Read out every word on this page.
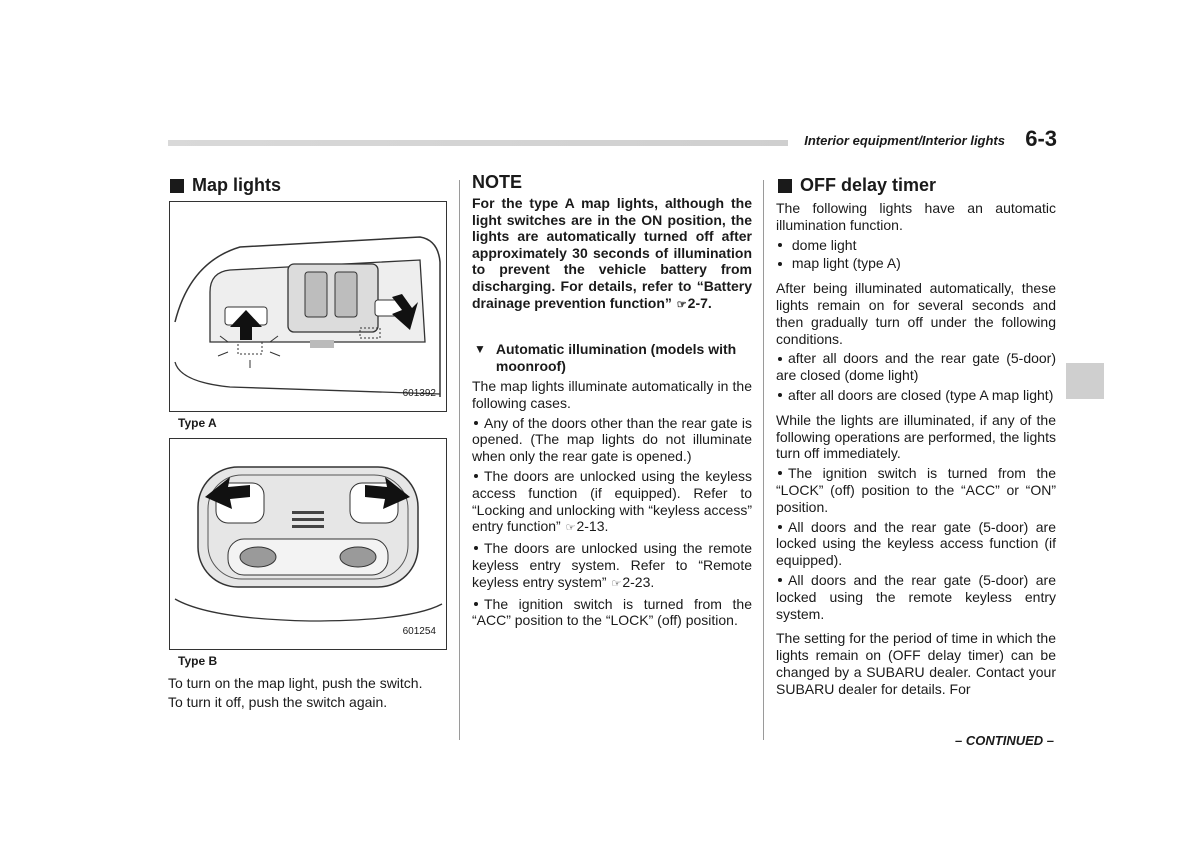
Interior equipment/Interior lights 6-3
Map lights
601392
Type A
601254
Type B
To turn on the map light, push the switch.
To turn it off, push the switch again.
NOTE
For the type A map lights, although the light switches are in the ON position, the lights are automatically turned off after approximately 30 seconds of illumination to prevent the vehicle battery from discharging. For details, refer to “Battery drainage prevention function” ☞2-7.
▼ Automatic illumination (models with moonroof)

The map lights illuminate automatically in the following cases.

Any of the doors other than the rear gate is opened. (The map lights do not illuminate when only the rear gate is opened.)

The doors are unlocked using the keyless access function (if equipped). Refer to “Locking and unlocking with “keyless access” entry function” ☞2-13.

The doors are unlocked using the remote keyless entry system. Refer to “Remote keyless entry system” ☞2-23.

The ignition switch is turned from the “ACC” position to the “LOCK” (off) position.

OFF delay timer

The following lights have an automatic illumination function.

dome light

map light (type A)

After being illuminated automatically, these lights remain on for several seconds and then gradually turn off under the following conditions.

after all doors and the rear gate (5-door) are closed (dome light)

after all doors are closed (type A map light)

While the lights are illuminated, if any of the following operations are performed, the lights turn off immediately.

The ignition switch is turned from the “LOCK” (off) position to the “ACC” or “ON” position.

All doors and the rear gate (5-door) are locked using the keyless access function (if equipped).

All doors and the rear gate (5-door) are locked using the remote keyless entry system.

The setting for the period of time in which the lights remain on (OFF delay timer) can be changed by a SUBARU dealer. Contact your SUBARU dealer for details. For

– CONTINUED –
